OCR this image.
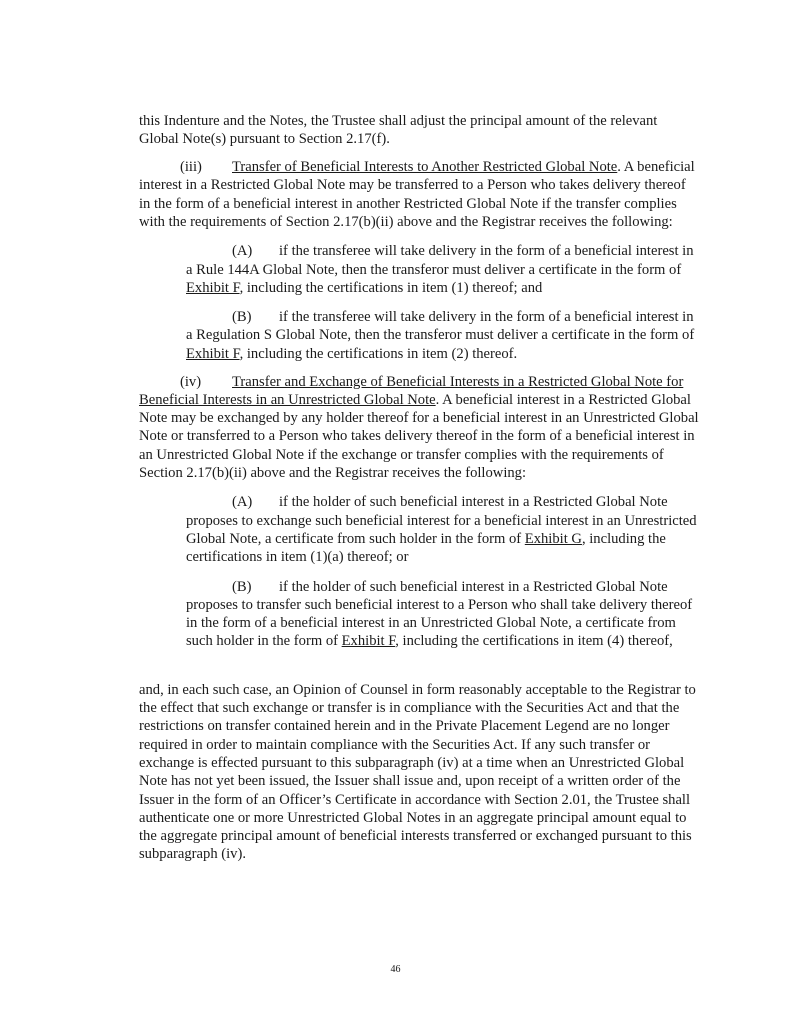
this Indenture and the Notes, the Trustee shall adjust the principal amount of the relevant Global Note(s) pursuant to Section 2.17(f).

(iii) Transfer of Beneficial Interests to Another Restricted Global Note. A beneficial interest in a Restricted Global Note may be transferred to a Person who takes delivery thereof in the form of a beneficial interest in another Restricted Global Note if the transfer complies with the requirements of Section 2.17(b)(ii) above and the Registrar receives the following:

(A) if the transferee will take delivery in the form of a beneficial interest in a Rule 144A Global Note, then the transferor must deliver a certificate in the form of Exhibit F, including the certifications in item (1) thereof; and

(B) if the transferee will take delivery in the form of a beneficial interest in a Regulation S Global Note, then the transferor must deliver a certificate in the form of Exhibit F, including the certifications in item (2) thereof.

(iv) Transfer and Exchange of Beneficial Interests in a Restricted Global Note for Beneficial Interests in an Unrestricted Global Note. A beneficial interest in a Restricted Global Note may be exchanged by any holder thereof for a beneficial interest in an Unrestricted Global Note or transferred to a Person who takes delivery thereof in the form of a beneficial interest in an Unrestricted Global Note if the exchange or transfer complies with the requirements of Section 2.17(b)(ii) above and the Registrar receives the following:

(A) if the holder of such beneficial interest in a Restricted Global Note proposes to exchange such beneficial interest for a beneficial interest in an Unrestricted Global Note, a certificate from such holder in the form of Exhibit G, including the certifications in item (1)(a) thereof; or

(B) if the holder of such beneficial interest in a Restricted Global Note proposes to transfer such beneficial interest to a Person who shall take delivery thereof in the form of a beneficial interest in an Unrestricted Global Note, a certificate from such holder in the form of Exhibit F, including the certifications in item (4) thereof,

and, in each such case, an Opinion of Counsel in form reasonably acceptable to the Registrar to the effect that such exchange or transfer is in compliance with the Securities Act and that the restrictions on transfer contained herein and in the Private Placement Legend are no longer required in order to maintain compliance with the Securities Act. If any such transfer or exchange is effected pursuant to this subparagraph (iv) at a time when an Unrestricted Global Note has not yet been issued, the Issuer shall issue and, upon receipt of a written order of the Issuer in the form of an Officer’s Certificate in accordance with Section 2.01, the Trustee shall authenticate one or more Unrestricted Global Notes in an aggregate principal amount equal to the aggregate principal amount of beneficial interests transferred or exchanged pursuant to this subparagraph (iv).

46
